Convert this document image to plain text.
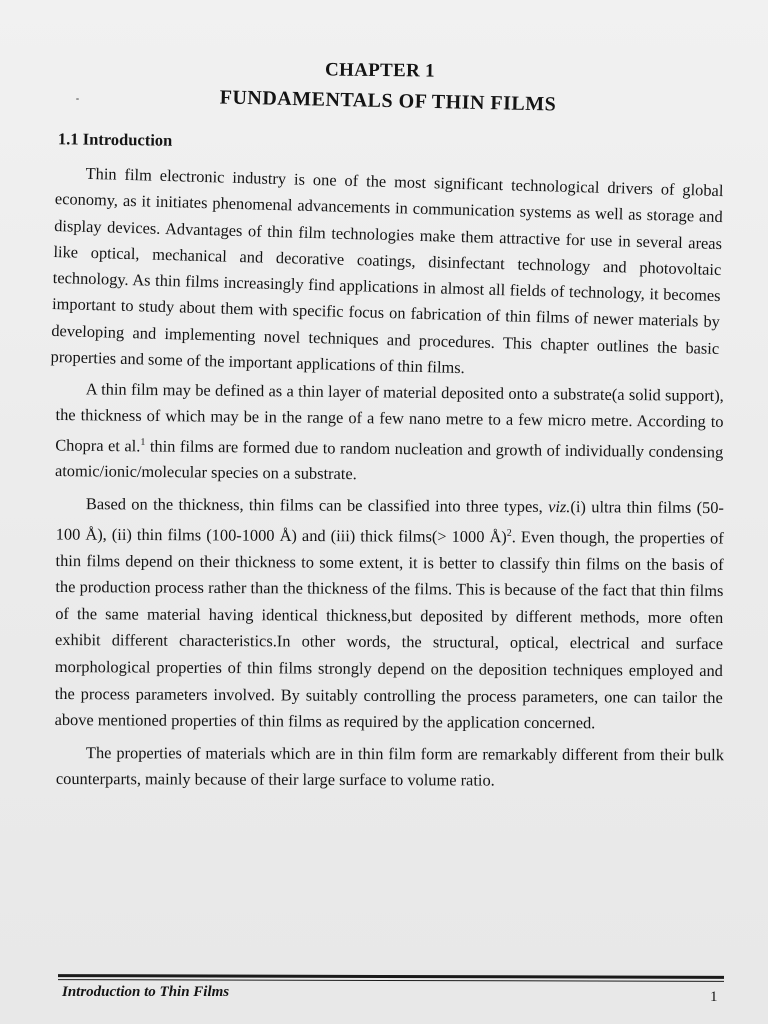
CHAPTER 1
FUNDAMENTALS OF THIN FILMS
1.1 Introduction

Thin film electronic industry is one of the most significant technological drivers of global economy, as it initiates phenomenal advancements in communication systems as well as storage and display devices. Advantages of thin film technologies make them attractive for use in several areas like optical, mechanical and decorative coatings, disinfectant technology and photovoltaic technology. As thin films increasingly find applications in almost all fields of technology, it becomes important to study about them with specific focus on fabrication of thin films of newer materials by developing and implementing novel techniques and procedures. This chapter outlines the basic properties and some of the important applications of thin films.

A thin film may be defined as a thin layer of material deposited onto a substrate(a solid support), the thickness of which may be in the range of a few nano metre to a few micro metre. According to Chopra et al.$^1$ thin films are formed due to random nucleation and growth of individually condensing atomic/ionic/molecular species on a substrate.

Based on the thickness, thin films can be classified into three types, viz.(i) ultra thin films (50-100 Å), (ii) thin films (100-1000 Å) and (iii) thick films(> 1000 Å)$^2$. Even though, the properties of thin films depend on their thickness to some extent, it is better to classify thin films on the basis of the production process rather than the thickness of the films. This is because of the fact that thin films of the same material having identical thickness,but deposited by different methods, more often exhibit different characteristics.In other words, the structural, optical, electrical and surface morphological properties of thin films strongly depend on the deposition techniques employed and the process parameters involved. By suitably controlling the process parameters, one can tailor the above mentioned properties of thin films as required by the application concerned.

The properties of materials which are in thin film form are remarkably different from their bulk counterparts, mainly because of their large surface to volume ratio.

Introduction to Thin Films	1
